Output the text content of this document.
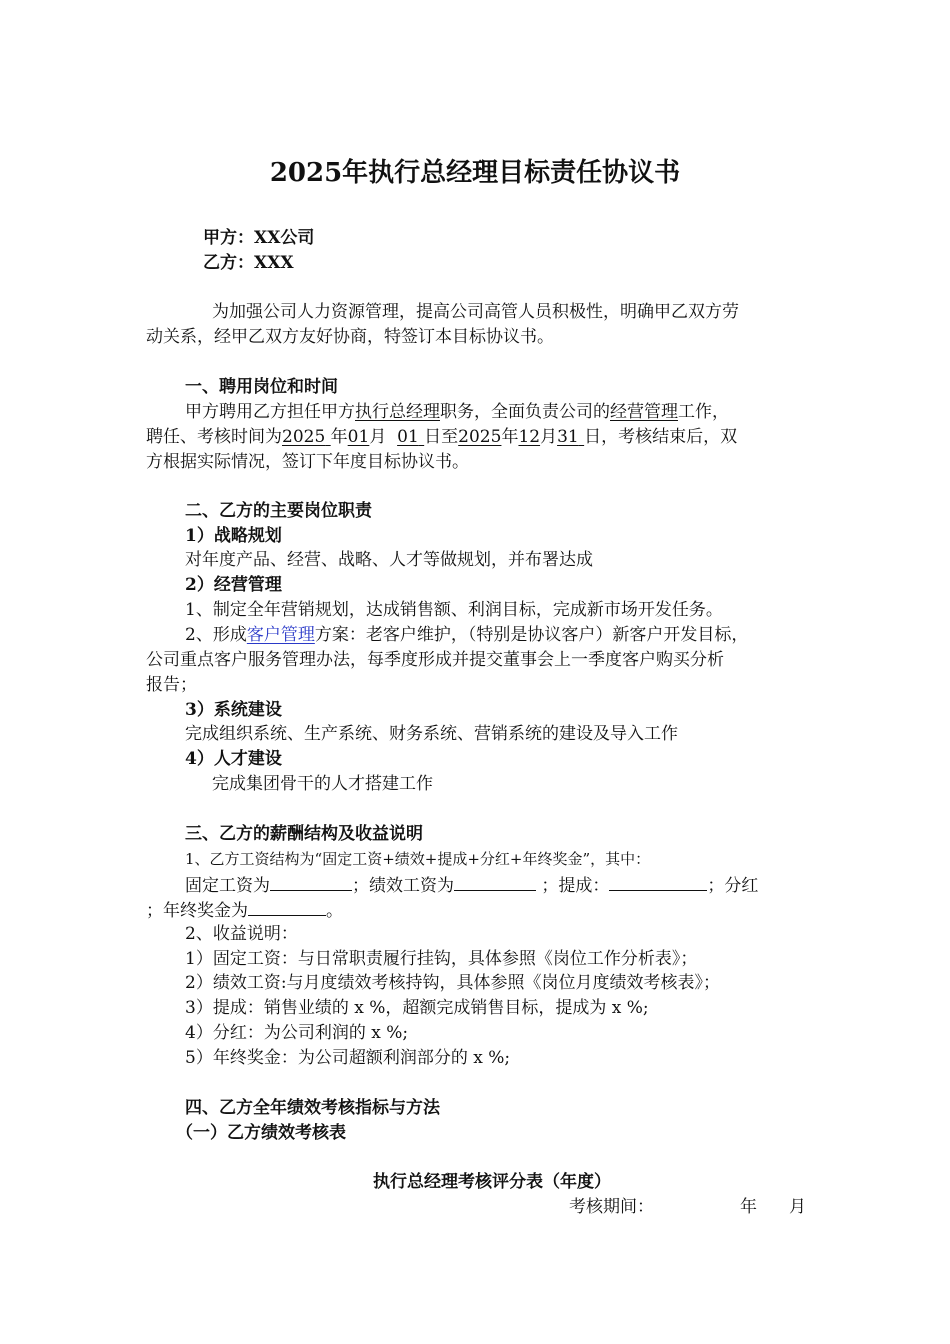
2025年执行总经理目标责任协议书
甲方：XX公司
乙方：XXX
为加强公司人力资源管理，提高公司高管人员积极性，明确甲乙双方劳
动关系，经甲乙双方友好协商，特签订本目标协议书。
一、聘用岗位和时间
甲方聘用乙方担任甲方执行总经理职务，全面负责公司的经营管理工作，
聘任、考核时间为2025 年01月 01 日至2025年12月31 日，考核结束后，双
方根据实际情况，签订下年度目标协议书。
二、乙方的主要岗位职责
1）战略规划
对年度产品、经营、战略、人才等做规划，并布署达成
2）经营管理
1、制定全年营销规划，达成销售额、利润目标，完成新市场开发任务。
2、形成客户管理方案：老客户维护，（特别是协议客户）新客户开发目标，
公司重点客户服务管理办法，每季度形成并提交董事会上一季度客户购买分析
报告；
3）系统建设
完成组织系统、生产系统、财务系统、营销系统的建设及导入工作
4）人才建设
完成集团骨干的人才搭建工作
三、乙方的薪酬结构及收益说明
1、乙方工资结构为“固定工资+绩效+提成+分红+年终奖金”，其中：
固定工资为	；绩效工资为	；提成：	；分红
；年终奖金为	。
2、收益说明：
1）固定工资：与日常职责履行挂钩，具体参照《岗位工作分析表》；
2）绩效工资:与月度绩效考核持钩，具体参照《岗位月度绩效考核表》；
3）提成：销售业绩的 x %，超额完成销售目标，提成为 x %;
4）分红：为公司利润的 x %;
5）年终奖金：为公司超额利润部分的 x %;
四、乙方全年绩效考核指标与方法
（一）乙方绩效考核表
执行总经理考核评分表（年度）
考核期间：	年 月
